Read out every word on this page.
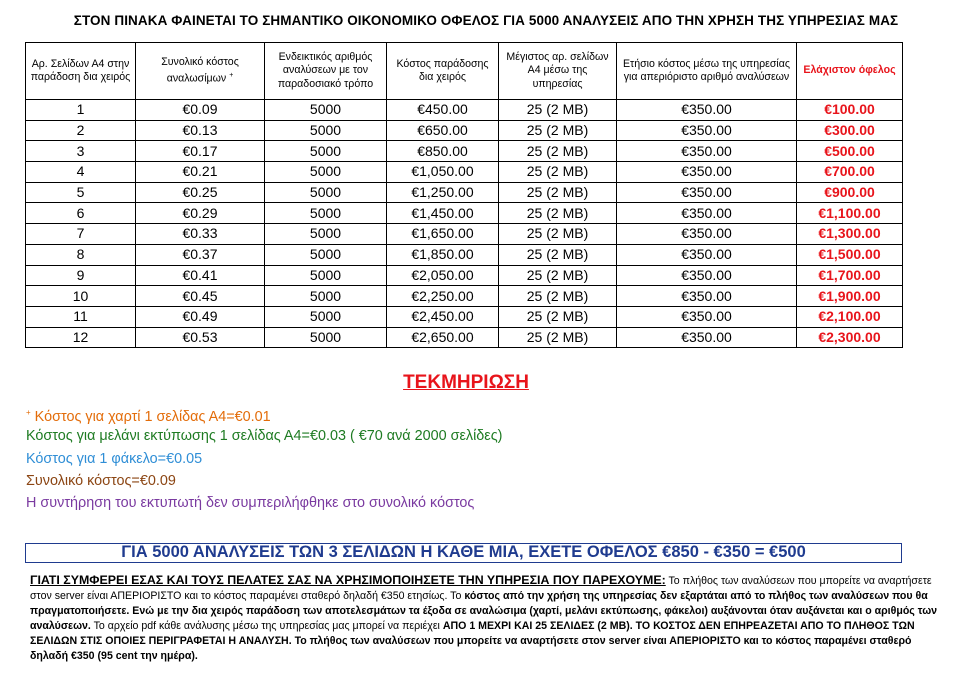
ΣΤΟΝ ΠΙΝΑΚΑ ΦΑΙΝΕΤΑΙ ΤΟ ΣΗΜΑΝΤΙΚΟ ΟΙΚΟΝΟΜΙΚΟ ΟΦΕΛΟΣ ΓΙΑ 5000 ΑΝΑΛΥΣΕΙΣ ΑΠΟ ΤΗΝ ΧΡΗΣΗ ΤΗΣ ΥΠΗΡΕΣΙΑΣ ΜΑΣ
Αρ. Σελίδων Α4 στην παράδοση δια χειρός	Συνολικό κόστος αναλωσίμων +	Ενδεικτικός αριθμός αναλύσεων με τον παραδοσιακό τρόπο	Κόστος παράδοσης δια χειρός	Μέγιστος αρ. σελίδων Α4 μέσω της υπηρεσίας	Ετήσιο κόστος μέσω της υπηρεσίας για απεριόριστο αριθμό αναλύσεων	Ελάχιστον όφελος
1	€0.09	5000	€450.00	25 (2 MB)	€350.00	€100.00
2	€0.13	5000	€650.00	25 (2 MB)	€350.00	€300.00
3	€0.17	5000	€850.00	25 (2 MB)	€350.00	€500.00
4	€0.21	5000	€1,050.00	25 (2 MB)	€350.00	€700.00
5	€0.25	5000	€1,250.00	25 (2 MB)	€350.00	€900.00
6	€0.29	5000	€1,450.00	25 (2 MB)	€350.00	€1,100.00
7	€0.33	5000	€1,650.00	25 (2 MB)	€350.00	€1,300.00
8	€0.37	5000	€1,850.00	25 (2 MB)	€350.00	€1,500.00
9	€0.41	5000	€2,050.00	25 (2 MB)	€350.00	€1,700.00
10	€0.45	5000	€2,250.00	25 (2 MB)	€350.00	€1,900.00
11	€0.49	5000	€2,450.00	25 (2 MB)	€350.00	€2,100.00
12	€0.53	5000	€2,650.00	25 (2 MB)	€350.00	€2,300.00
ΤΕΚΜΗΡΙΩΣΗ
+ Κόστος για χαρτί 1 σελίδας Α4=€0.01
Κόστος για μελάνι εκτύπωσης 1 σελίδας Α4=€0.03 ( €70 ανά 2000 σελίδες)
Κόστος για 1 φάκελο=€0.05
Συνολικό κόστος=€0.09
Η συντήρηση του εκτυπωτή δεν συμπεριλήφθηκε στο συνολικό κόστος
ΓΙΑ 5000 ΑΝΑΛΥΣΕΙΣ ΤΩΝ 3 ΣΕΛΙΔΩΝ Η ΚΑΘΕ ΜΙΑ, ΕΧΕΤΕ ΟΦΕΛΟΣ €850 - €350 = €500
ΓΙΑΤΙ ΣΥΜΦΕΡΕΙ ΕΣΑΣ ΚΑΙ ΤΟΥΣ ΠΕΛΑΤΕΣ ΣΑΣ ΝΑ ΧΡΗΣΙΜΟΠΟΙΗΣΕΤΕ ΤΗΝ ΥΠΗΡΕΣΙΑ ΠΟΥ ΠΑΡΕΧΟΥΜΕ: Το πλήθος των αναλύσεων που μπορείτε να αναρτήσετε στον server είναι ΑΠΕΡΙΟΡΙΣΤΟ και το κόστος παραμένει σταθερό δηλαδή €350 ετησίως. Το κόστος από την χρήση της υπηρεσίας δεν εξαρτάται από το πλήθος των αναλύσεων που θα πραγματοποιήσετε. Ενώ με την δια χειρός παράδοση των αποτελεσμάτων τα έξοδα σε αναλώσιμα (χαρτί, μελάνι εκτύπωσης, φάκελοι) αυξάνονται όταν αυξάνεται και ο αριθμός των αναλύσεων. Το αρχείο pdf κάθε ανάλυσης μέσω της υπηρεσίας μας μπορεί να περιέχει ΑΠΟ 1 ΜΕΧΡΙ ΚΑΙ 25 ΣΕΛΙΔΕΣ (2 MB). ΤΟ ΚΟΣΤΟΣ ΔΕΝ ΕΠΗΡΕΑΖΕΤΑΙ ΑΠΟ ΤΟ ΠΛΗΘΟΣ ΤΩΝ ΣΕΛΙΔΩΝ ΣΤΙΣ ΟΠΟΙΕΣ ΠΕΡΙΓΡΑΦΕΤΑΙ Η ΑΝΑΛΥΣΗ. Το πλήθος των αναλύσεων που μπορείτε να αναρτήσετε στον server είναι ΑΠΕΡΙΟΡΙΣΤΟ και το κόστος παραμένει σταθερό δηλαδή €350 (95 cent την ημέρα).
